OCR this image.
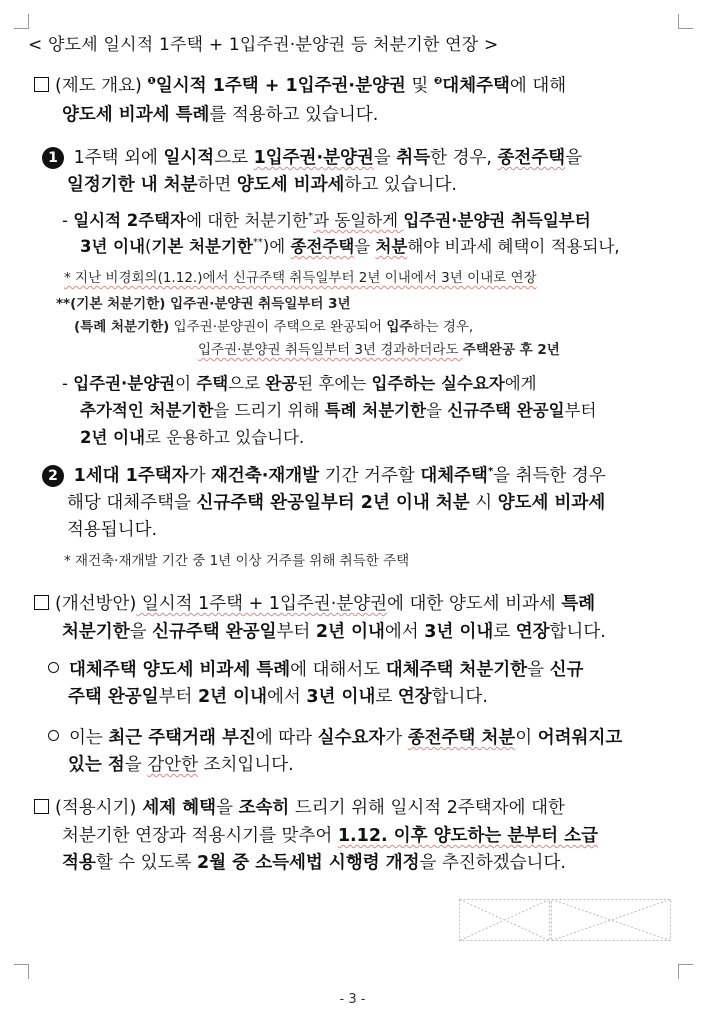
< 양도세 일시적 1주택 + 1입주권·분양권 등 처분기한 연장 >
(제도 개요) $^❶$일시적 1주택 + 1입주권·분양권 및 $^❷$대체주택에 대해
양도세 비과세 특례를 적용하고 있습니다.
1 1주택 외에 일시적으로 1입주권·분양권을 취득한 경우, 종전주택을
일정기한 내 처분하면 양도세 비과세하고 있습니다.
- 일시적 2주택자에 대한 처분기한*과 동일하게 입주권·분양권 취득일부터
3년 이내(기본 처분기한**)에 종전주택을 처분해야 비과세 혜택이 적용되나,
* 지난 비경회의(1.12.)에서 신규주택 취득일부터 2년 이내에서 3년 이내로 연장
**(기본 처분기한) 입주권·분양권 취득일부터 3년
(특례 처분기한) 입주권·분양권이 주택으로 완공되어 입주하는 경우,
입주권·분양권 취득일부터 3년 경과하더라도 주택완공 후 2년
- 입주권·분양권이 주택으로 완공된 후에는 입주하는 실수요자에게
추가적인 처분기한을 드리기 위해 특례 처분기한을 신규주택 완공일부터
2년 이내로 운용하고 있습니다.
2 1세대 1주택자가 재건축·재개발 기간 거주할 대체주택*을 취득한 경우
해당 대체주택을 신규주택 완공일부터 2년 이내 처분 시 양도세 비과세
적용됩니다.
* 재건축·재개발 기간 중 1년 이상 거주를 위해 취득한 주택
(개선방안) 일시적 1주택 + 1입주권·분양권에 대한 양도세 비과세 특례
처분기한을 신규주택 완공일부터 2년 이내에서 3년 이내로 연장합니다.
대체주택 양도세 비과세 특례에 대해서도 대체주택 처분기한을 신규
주택 완공일부터 2년 이내에서 3년 이내로 연장합니다.
이는 최근 주택거래 부진에 따라 실수요자가 종전주택 처분이 어려워지고
있는 점을 감안한 조치입니다.
(적용시기) 세제 혜택을 조속히 드리기 위해 일시적 2주택자에 대한
처분기한 연장과 적용시기를 맞추어 1.12. 이후 양도하는 분부터 소급
적용할 수 있도록 2월 중 소득세법 시행령 개정을 추진하겠습니다.
- 3 -
